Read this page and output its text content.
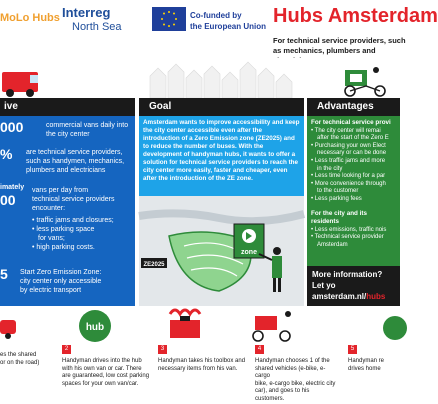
MoLo Hubs Interreg
North Sea
Co-funded by
the European Union Hubs Amsterdam
For technical service providers, such as mechanics, plumbers and
ive	Goal	Advantages
000	commercial vans daily into
the city center
% are technical service providers,
such as handymen, mechanics,
plumbers and electricians
imately
00
vans per day from
technical service providers
encounter:
• traffic jams and closures;
• less parking space
for vans;
• high parking costs.
5 Start Zero Emission Zone:
city center only accessible
by electric transport
Amsterdam wants to improve accessibility and keep the city center accessible even after the introduction of a Zero Emission zone (ZE2025) and to reduce the number of buses. With the development of handyman hubs, it wants to offer a solution for technical service providers to reach the city center more easily, faster and cheaper, even after the introduction of the ZE zone.
ZE2025
zone
For technical service provi
• The city center will remai
after the start of the Zero E
• Purchasing your own Elect
necessary or can be done
• Less traffic jams and more
in the city
• Less time looking for a par
• More convenience through
to the customer
• Less parking fees
For the city and its residents
• Less emissions, traffic nois
• Technical service provider
Amsterdam
More information? Let yo
amsterdam.nl/hubs
hub
es the shared
or on the road)
2
Handyman drives into the hub
with his own van or car. There
are guaranteed, low cost parking
spaces for your own van/car.
3
Handyman takes his toolbox and
necessary items from his van.
4
Handyman chooses 1 of the
shared vehicles (e-bike, e-cargo
bike, e-cargo bike, electric city
car), and goes to his customers.
5
Handyman re
drives home
